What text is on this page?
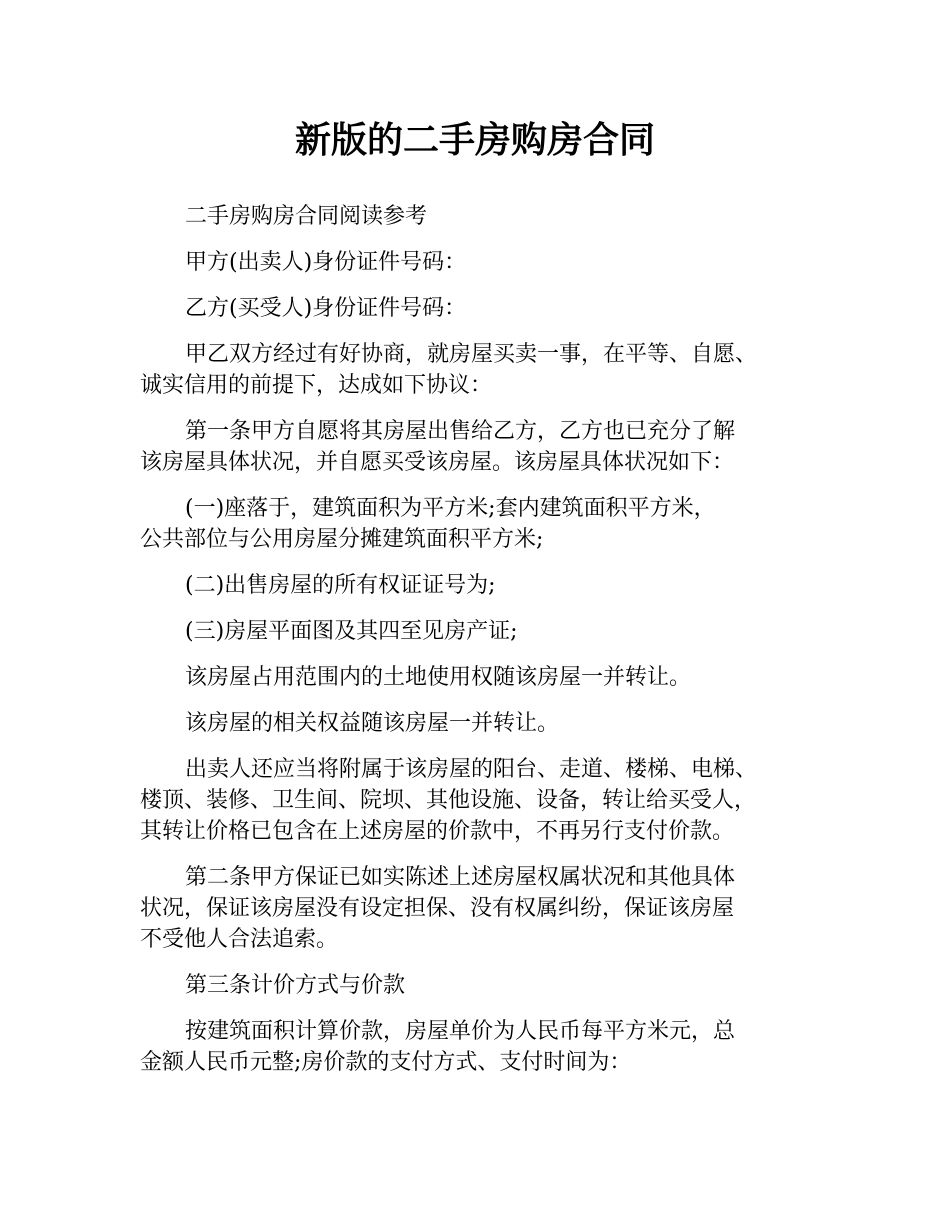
新版的二手房购房合同

二手房购房合同阅读参考

甲方(出卖人)身份证件号码：

乙方(买受人)身份证件号码：

甲乙双方经过有好协商，就房屋买卖一事，在平等、自愿、
诚实信用的前提下，达成如下协议：

第一条甲方自愿将其房屋出售给乙方，乙方也已充分了解
该房屋具体状况，并自愿买受该房屋。该房屋具体状况如下：

(一)座落于，建筑面积为平方米;套内建筑面积平方米，
公共部位与公用房屋分摊建筑面积平方米;

(二)出售房屋的所有权证证号为;

(三)房屋平面图及其四至见房产证;

该房屋占用范围内的土地使用权随该房屋一并转让。

该房屋的相关权益随该房屋一并转让。

出卖人还应当将附属于该房屋的阳台、走道、楼梯、电梯、
楼顶、装修、卫生间、院坝、其他设施、设备，转让给买受人，
其转让价格已包含在上述房屋的价款中，不再另行支付价款。

第二条甲方保证已如实陈述上述房屋权属状况和其他具体
状况，保证该房屋没有设定担保、没有权属纠纷，保证该房屋
不受他人合法追索。

第三条计价方式与价款

按建筑面积计算价款，房屋单价为人民币每平方米元，总
金额人民币元整;房价款的支付方式、支付时间为：
